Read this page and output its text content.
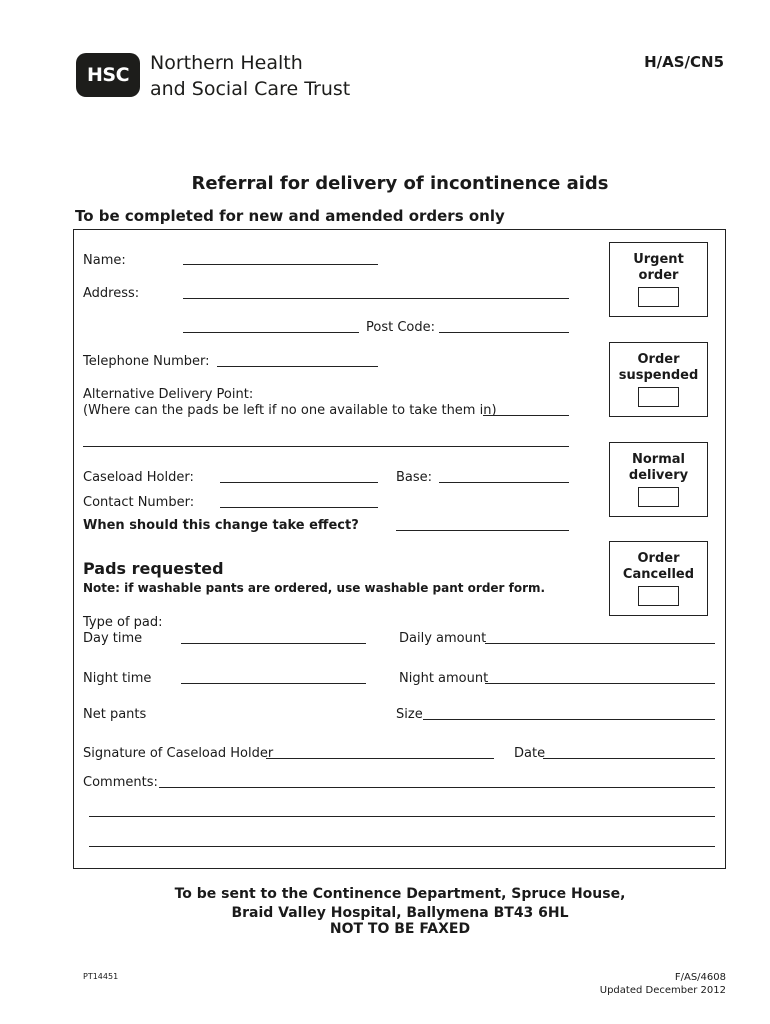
HSC
Northern Health
and Social Care Trust
H/AS/CN5
Referral for delivery of incontinence aids
To be completed for new and amended orders only
Name:
Address:
Post Code:
Telephone Number:
Alternative Delivery Point:
(Where can the pads be left if no one available to take them in)
Caseload Holder:	Base:
Contact Number:
When should this change take effect?
Pads requested
Note: if washable pants are ordered, use washable pant order form.
Type of pad:
Day time	Daily amount
Night time	Night amount
Net pants	Size
Signature of Caseload Holder	Date
Comments:
Urgent
order
Order
suspended
Normal
delivery
Order
Cancelled
To be sent to the Continence Department, Spruce House,
Braid Valley Hospital, Ballymena BT43 6HL
NOT TO BE FAXED
PT14451	F/AS/4608
Updated December 2012
